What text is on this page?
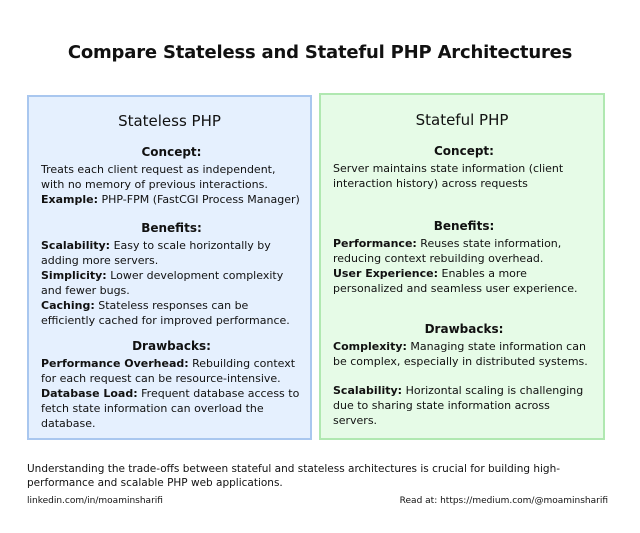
Compare Stateless and Stateful PHP Architectures
Stateless PHP
Concept:

Treats each client request as independent, with no memory of previous interactions.

Example: PHP-FPM (FastCGI Process Manager)

Benefits:

Scalability: Easy to scale horizontally by adding more servers.

Simplicity: Lower development complexity and fewer bugs.

Caching: Stateless responses can be efficiently cached for improved performance.

Drawbacks:

Performance Overhead: Rebuilding context for each request can be resource-intensive.

Database Load: Frequent database access to fetch state information can overload the database.

Stateful PHP
Concept:

Server maintains state information (client interaction history) across requests

Benefits:

Performance: Reuses state information, reducing context rebuilding overhead.

User Experience: Enables a more personalized and seamless user experience.

Drawbacks:

Complexity: Managing state information can be complex, especially in distributed systems.

Scalability: Horizontal scaling is challenging due to sharing state information across servers.

Understanding the trade-offs between stateful and stateless architectures is crucial for building high-performance and scalable PHP web applications.
linkedin.com/in/moaminsharifi	Read at: https://medium.com/@moaminsharifi
